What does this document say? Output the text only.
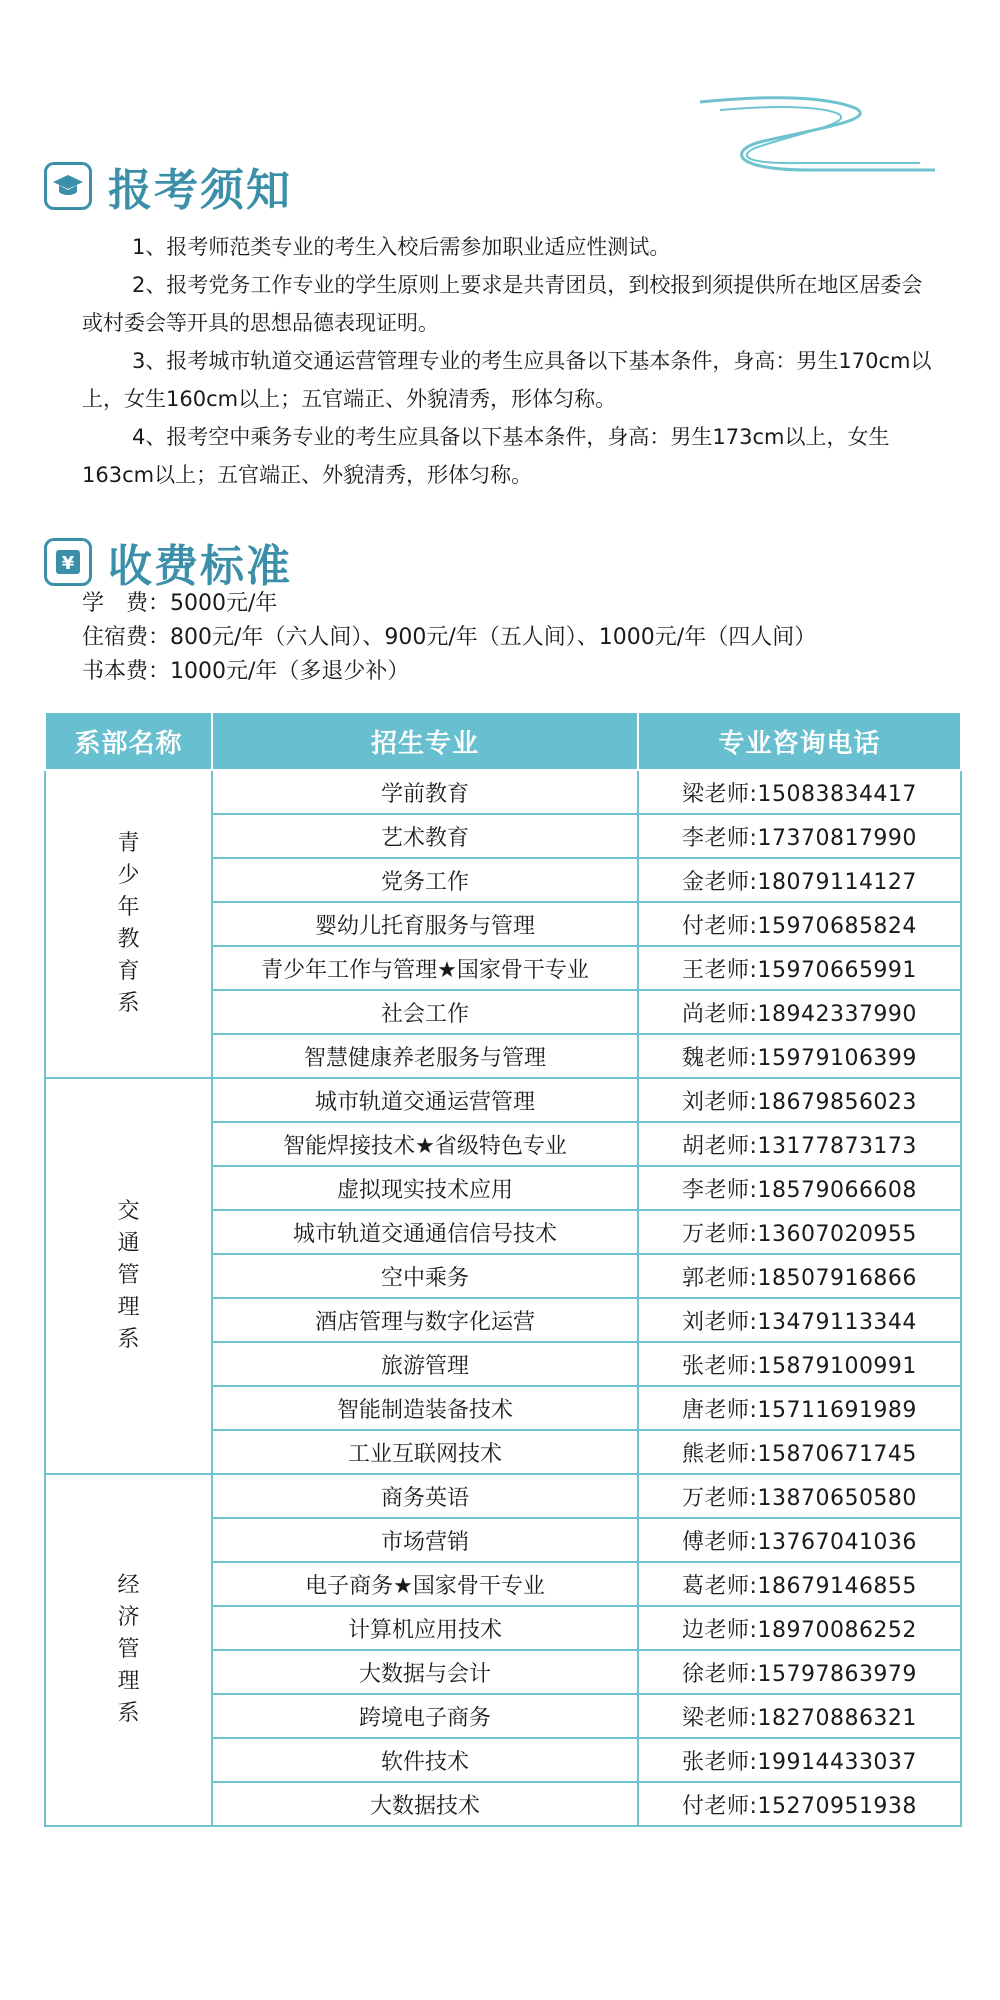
报考须知

1、报考师范类专业的考生入校后需参加职业适应性测试。

2、报考党务工作专业的学生原则上要求是共青团员，到校报到须提供所在地区居委会或村委会等开具的思想品德表现证明。

3、报考城市轨道交通运营管理专业的考生应具备以下基本条件，身高：男生170cm以上，女生160cm以上；五官端正、外貌清秀，形体匀称。

4、报考空中乘务专业的考生应具备以下基本条件，身高：男生173cm以上，女生163cm以上；五官端正、外貌清秀，形体匀称。

¥ 收费标准
学　费：5000元/年
住宿费：800元/年（六人间）、900元/年（五人间）、1000元/年（四人间）
书本费：1000元/年（多退少补）
系部名称	招生专业	专业咨询电话
青少年教育系	学前教育	梁老师:15083834417
	艺术教育	李老师:17370817990
	党务工作	金老师:18079114127
	婴幼儿托育服务与管理	付老师:15970685824
	青少年工作与管理★国家骨干专业	王老师:15970665991
	社会工作	尚老师:18942337990
	智慧健康养老服务与管理	魏老师:15979106399
交通管理系	城市轨道交通运营管理	刘老师:18679856023
	智能焊接技术★省级特色专业	胡老师:13177873173
	虚拟现实技术应用	李老师:18579066608
	城市轨道交通通信信号技术	万老师:13607020955
	空中乘务	郭老师:18507916866
	酒店管理与数字化运营	刘老师:13479113344
	旅游管理	张老师:15879100991
	智能制造装备技术	唐老师:15711691989
	工业互联网技术	熊老师:15870671745
经济管理系	商务英语	万老师:13870650580
	市场营销	傅老师:13767041036
	电子商务★国家骨干专业	葛老师:18679146855
	计算机应用技术	边老师:18970086252
	大数据与会计	徐老师:15797863979
	跨境电子商务	梁老师:18270886321
	软件技术	张老师:19914433037
	大数据技术	付老师:15270951938
